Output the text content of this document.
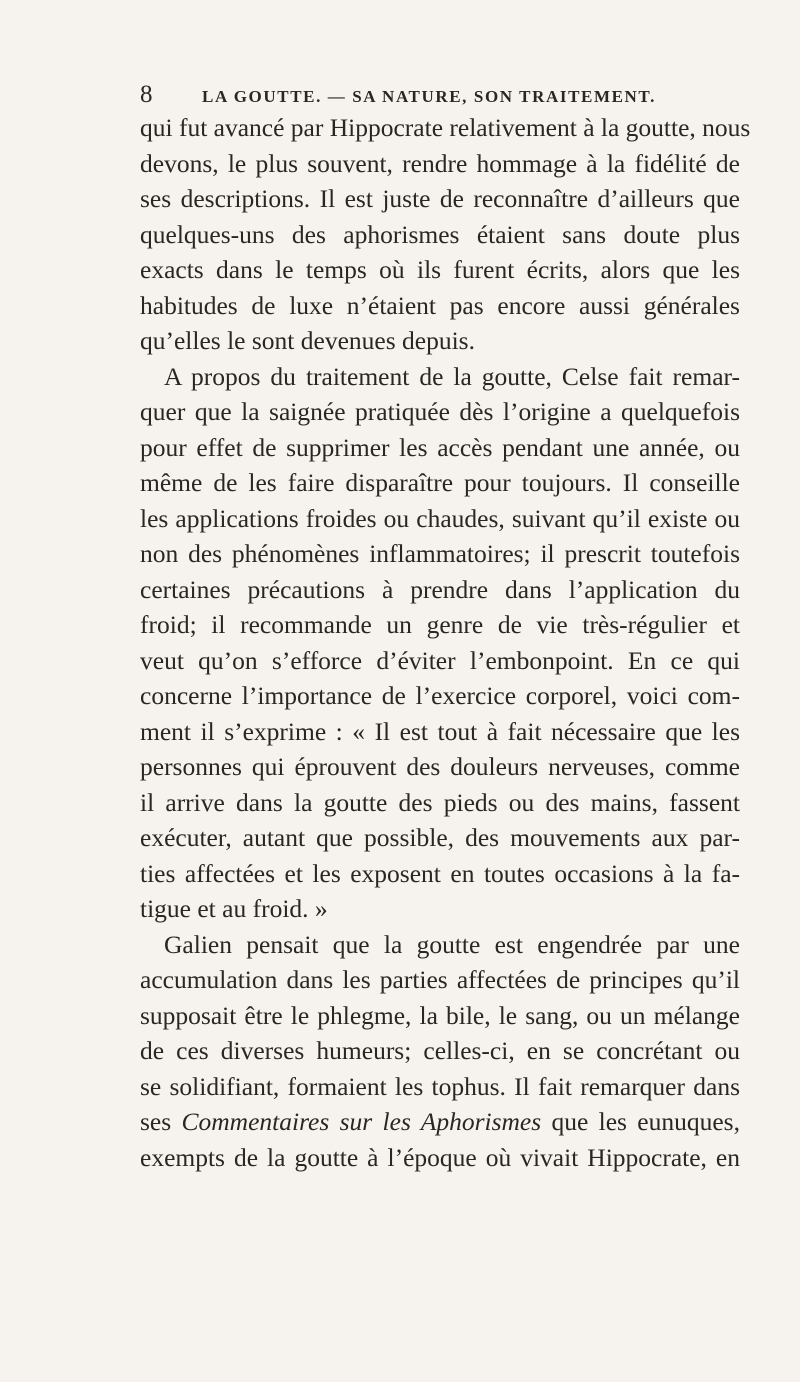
8	LA GOUTTE. — SA NATURE, SON TRAITEMENT.
qui fut avancé par Hippocrate relativement à la goutte, nous
devons, le plus souvent, rendre hommage à la fidélité de
ses descriptions. Il est juste de reconnaître d’ailleurs que
quelques-uns des aphorismes étaient sans doute plus
exacts dans le temps où ils furent écrits, alors que les
habitudes de luxe n’étaient pas encore aussi générales
qu’elles le sont devenues depuis.
A propos du traitement de la goutte, Celse fait remar-
quer que la saignée pratiquée dès l’origine a quelquefois
pour effet de supprimer les accès pendant une année, ou
même de les faire disparaître pour toujours. Il conseille
les applications froides ou chaudes, suivant qu’il existe ou
non des phénomènes inflammatoires; il prescrit toutefois
certaines précautions à prendre dans l’application du
froid; il recommande un genre de vie très-régulier et
veut qu’on s’efforce d’éviter l’embonpoint. En ce qui
concerne l’importance de l’exercice corporel, voici com-
ment il s’exprime : « Il est tout à fait nécessaire que les
personnes qui éprouvent des douleurs nerveuses, comme
il arrive dans la goutte des pieds ou des mains, fassent
exécuter, autant que possible, des mouvements aux par-
ties affectées et les exposent en toutes occasions à la fa-
tigue et au froid. »
Galien pensait que la goutte est engendrée par une
accumulation dans les parties affectées de principes qu’il
supposait être le phlegme, la bile, le sang, ou un mélange
de ces diverses humeurs; celles-ci, en se concrétant ou
se solidifiant, formaient les tophus. Il fait remarquer dans
ses Commentaires sur les Aphorismes que les eunuques,
exempts de la goutte à l’époque où vivait Hippocrate, en
